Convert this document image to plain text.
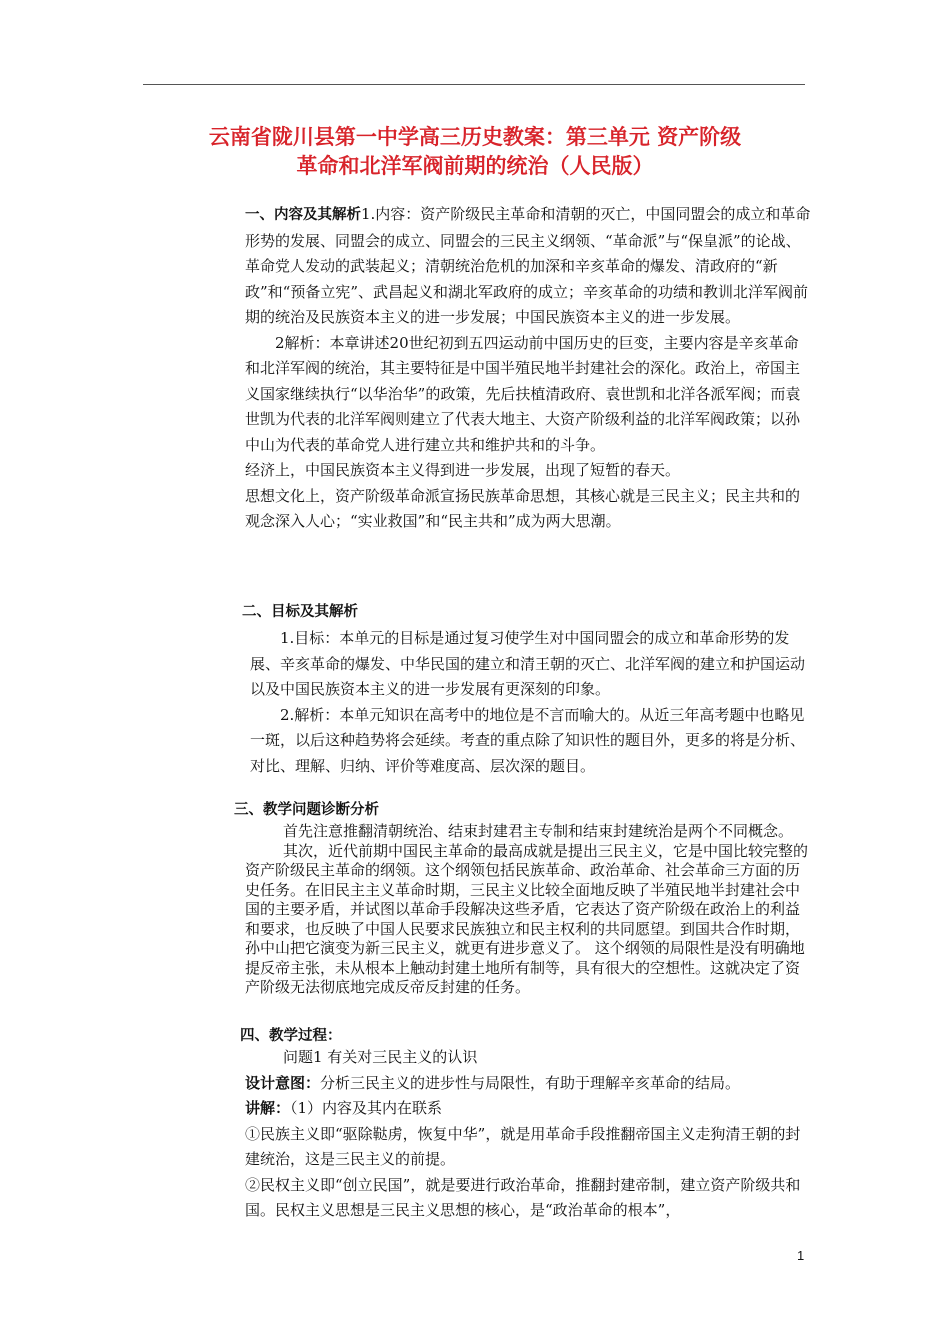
云南省陇川县第一中学高三历史教案：第三单元 资产阶级
革命和北洋军阀前期的统治（人民版）
一、内容及其解析1.内容：资产阶级民主革命和清朝的灭亡，中国同盟会的成立和革命形势的发展、同盟会的成立、同盟会的三民主义纲领、“革命派”与“保皇派”的论战、革命党人发动的武装起义；清朝统治危机的加深和辛亥革命的爆发、清政府的“新政”和“预备立宪”、武昌起义和湖北军政府的成立；辛亥革命的功绩和教训北洋军阀前期的统治及民族资本主义的进一步发展；中国民族资本主义的进一步发展。
2解析：本章讲述20世纪初到五四运动前中国历史的巨变，主要内容是辛亥革命和北洋军阀的统治，其主要特征是中国半殖民地半封建社会的深化。政治上，帝国主义国家继续执行“以华治华”的政策，先后扶植清政府、袁世凯和北洋各派军阀；而袁世凯为代表的北洋军阀则建立了代表大地主、大资产阶级利益的北洋军阀政策；以孙中山为代表的革命党人进行建立共和维护共和的斗争。
经济上，中国民族资本主义得到进一步发展，出现了短暂的春天。
思想文化上，资产阶级革命派宣扬民族革命思想，其核心就是三民主义；民主共和的观念深入人心；“实业救国”和“民主共和”成为两大思潮。
二、目标及其解析
1.目标：本单元的目标是通过复习使学生对中国同盟会的成立和革命形势的发展、辛亥革命的爆发、中华民国的建立和清王朝的灭亡、北洋军阀的建立和护国运动以及中国民族资本主义的进一步发展有更深刻的印象。
2.解析：本单元知识在高考中的地位是不言而喻大的。从近三年高考题中也略见一斑，以后这种趋势将会延续。考查的重点除了知识性的题目外，更多的将是分析、对比、理解、归纳、评价等难度高、层次深的题目。
三、教学问题诊断分析
首先注意推翻清朝统治、结束封建君主专制和结束封建统治是两个不同概念。
其次，近代前期中国民主革命的最高成就是提出三民主义，它是中国比较完整的资产阶级民主革命的纲领。这个纲领包括民族革命、政治革命、社会革命三方面的历史任务。在旧民主主义革命时期，三民主义比较全面地反映了半殖民地半封建社会中国的主要矛盾，并试图以革命手段解决这些矛盾，它表达了资产阶级在政治上的利益和要求，也反映了中国人民要求民族独立和民主权利的共同愿望。到国共合作时期，孙中山把它演变为新三民主义，就更有进步意义了。 这个纲领的局限性是没有明确地提反帝主张，未从根本上触动封建土地所有制等，具有很大的空想性。这就决定了资产阶级无法彻底地完成反帝反封建的任务。
四、教学过程：
问题1 有关对三民主义的认识
设计意图：分析三民主义的进步性与局限性，有助于理解辛亥革命的结局。
讲解：（1）内容及其内在联系
①民族主义即“驱除鞑虏，恢复中华”，就是用革命手段推翻帝国主义走狗清王朝的封建统治，这是三民主义的前提。
②民权主义即“创立民国”，就是要进行政治革命，推翻封建帝制，建立资产阶级共和国。民权主义思想是三民主义思想的核心，是“政治革命的根本”，
1
